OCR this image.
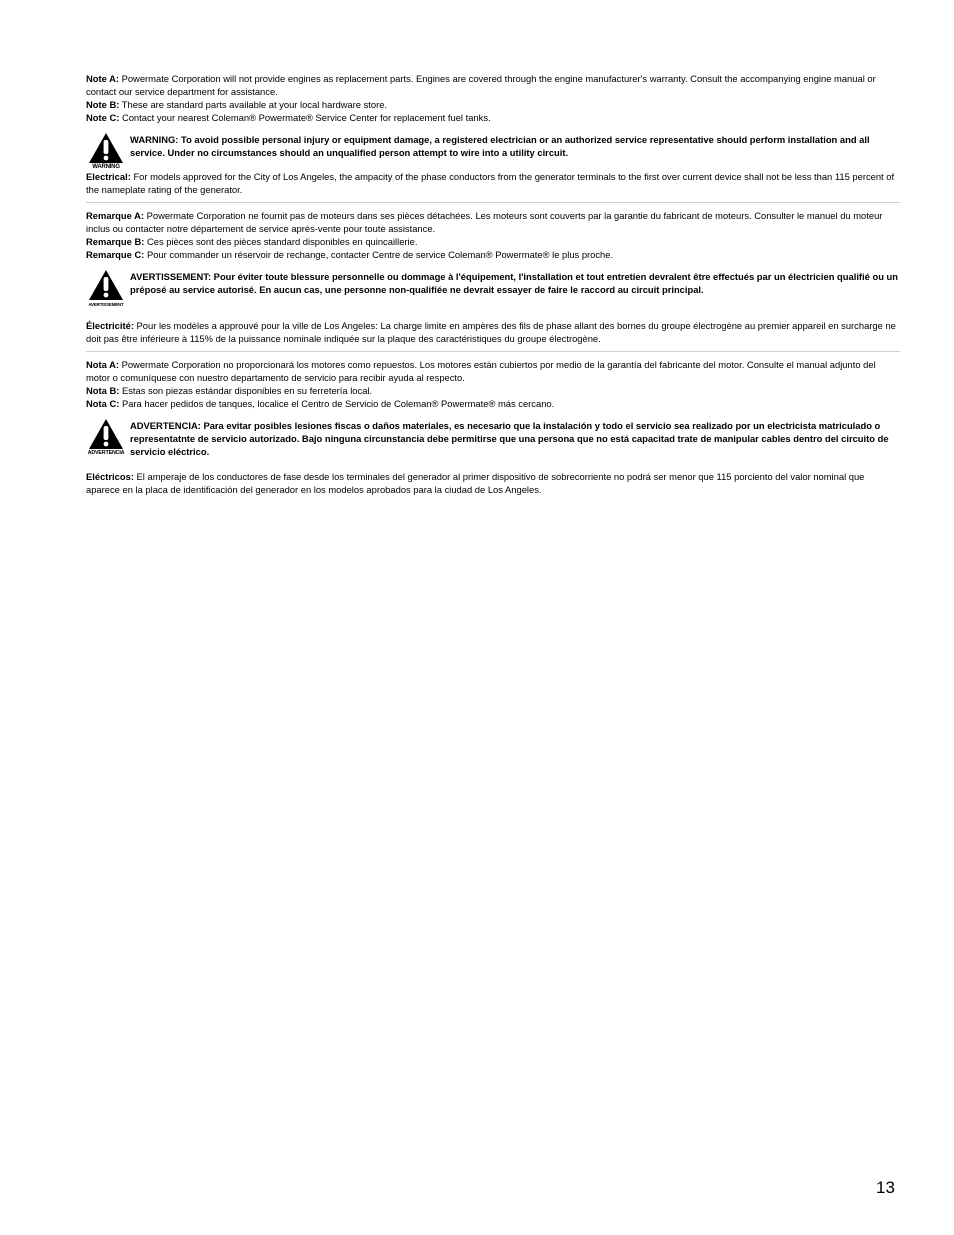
Note A: Powermate Corporation will not provide engines as replacement parts. Engines are covered through the engine manufacturer's warranty. Consult the accompanying engine manual or contact our service department for assistance.

Note B: These are standard parts available at your local hardware store.

Note C: Contact your nearest Coleman® Powermate® Service Center for replacement fuel tanks.

WARNING
WARNING: To avoid possible personal injury or equipment damage, a registered electrician or an authorized service representative should perform installation and all service. Under no circumstances should an unqualified person attempt to wire into a utility circuit.

Electrical: For models approved for the City of Los Angeles, the ampacity of the phase conductors from the generator terminals to the first over current device shall not be less than 115 percent of the nameplate rating of the generator.

Remarque A: Powermate Corporation ne fournit pas de moteurs dans ses pièces détachées. Les moteurs sont couverts par la garantie du fabricant de moteurs. Consulter le manuel du moteur inclus ou contacter notre département de service après-vente pour toute assistance.

Remarque B: Ces pièces sont des pièces standard disponibles en quincaillerie.

Remarque C: Pour commander un réservoir de rechange, contacter Centre de service Coleman® Powermate® le plus proche.

AVERTISSEMENT
AVERTISSEMENT: Pour éviter toute blessure personnelle ou dommage à l'équipement, l'installation et tout entretien devralent être effectués par un électricien qualifié ou un préposé au service autorisé. En aucun cas, une personne non-qualifiée ne devrait essayer de faire le raccord au circuit principal.

Électricité: Pour les modèles a approuvé pour la ville de Los Angeles: La charge limite en ampères des fils de phase allant des bornes du groupe électrogène au premier appareil en surcharge ne doit pas être inférieure à 115% de la puissance nominale indiquée sur la plaque des caractéristiques du groupe électrogène.

Nota A: Powermate Corporation no proporcionará los motores como repuestos. Los motores están cubiertos por medio de la garantía del fabricante del motor. Consulte el manual adjunto del motor o comuníquese con nuestro departamento de servicio para recibir ayuda al respecto.

Nota B: Estas son piezas estándar disponibles en su ferretería local.

Nota C: Para hacer pedidos de tanques, localice el Centro de Servicio de Coleman® Powermate® más cercano.

ADVERTENCIA
ADVERTENCIA: Para evitar posibles lesiones fiscas o daños materiales, es necesario que la instalación y todo el servicio sea realizado por un electricista matriculado o representatnte de servicio autorizado. Bajo ninguna circunstancia debe permitirse que una persona que no está capacitad trate de manipular cables dentro del circuito de servicio eléctrico.

Eléctricos: El amperaje de los conductores de fase desde los terminales del generador al primer dispositivo de sobrecorriente no podrá ser menor que 115 porciento del valor nominal que aparece en la placa de identificación del generador en los modelos aprobados para la ciudad de Los Angeles.

13
